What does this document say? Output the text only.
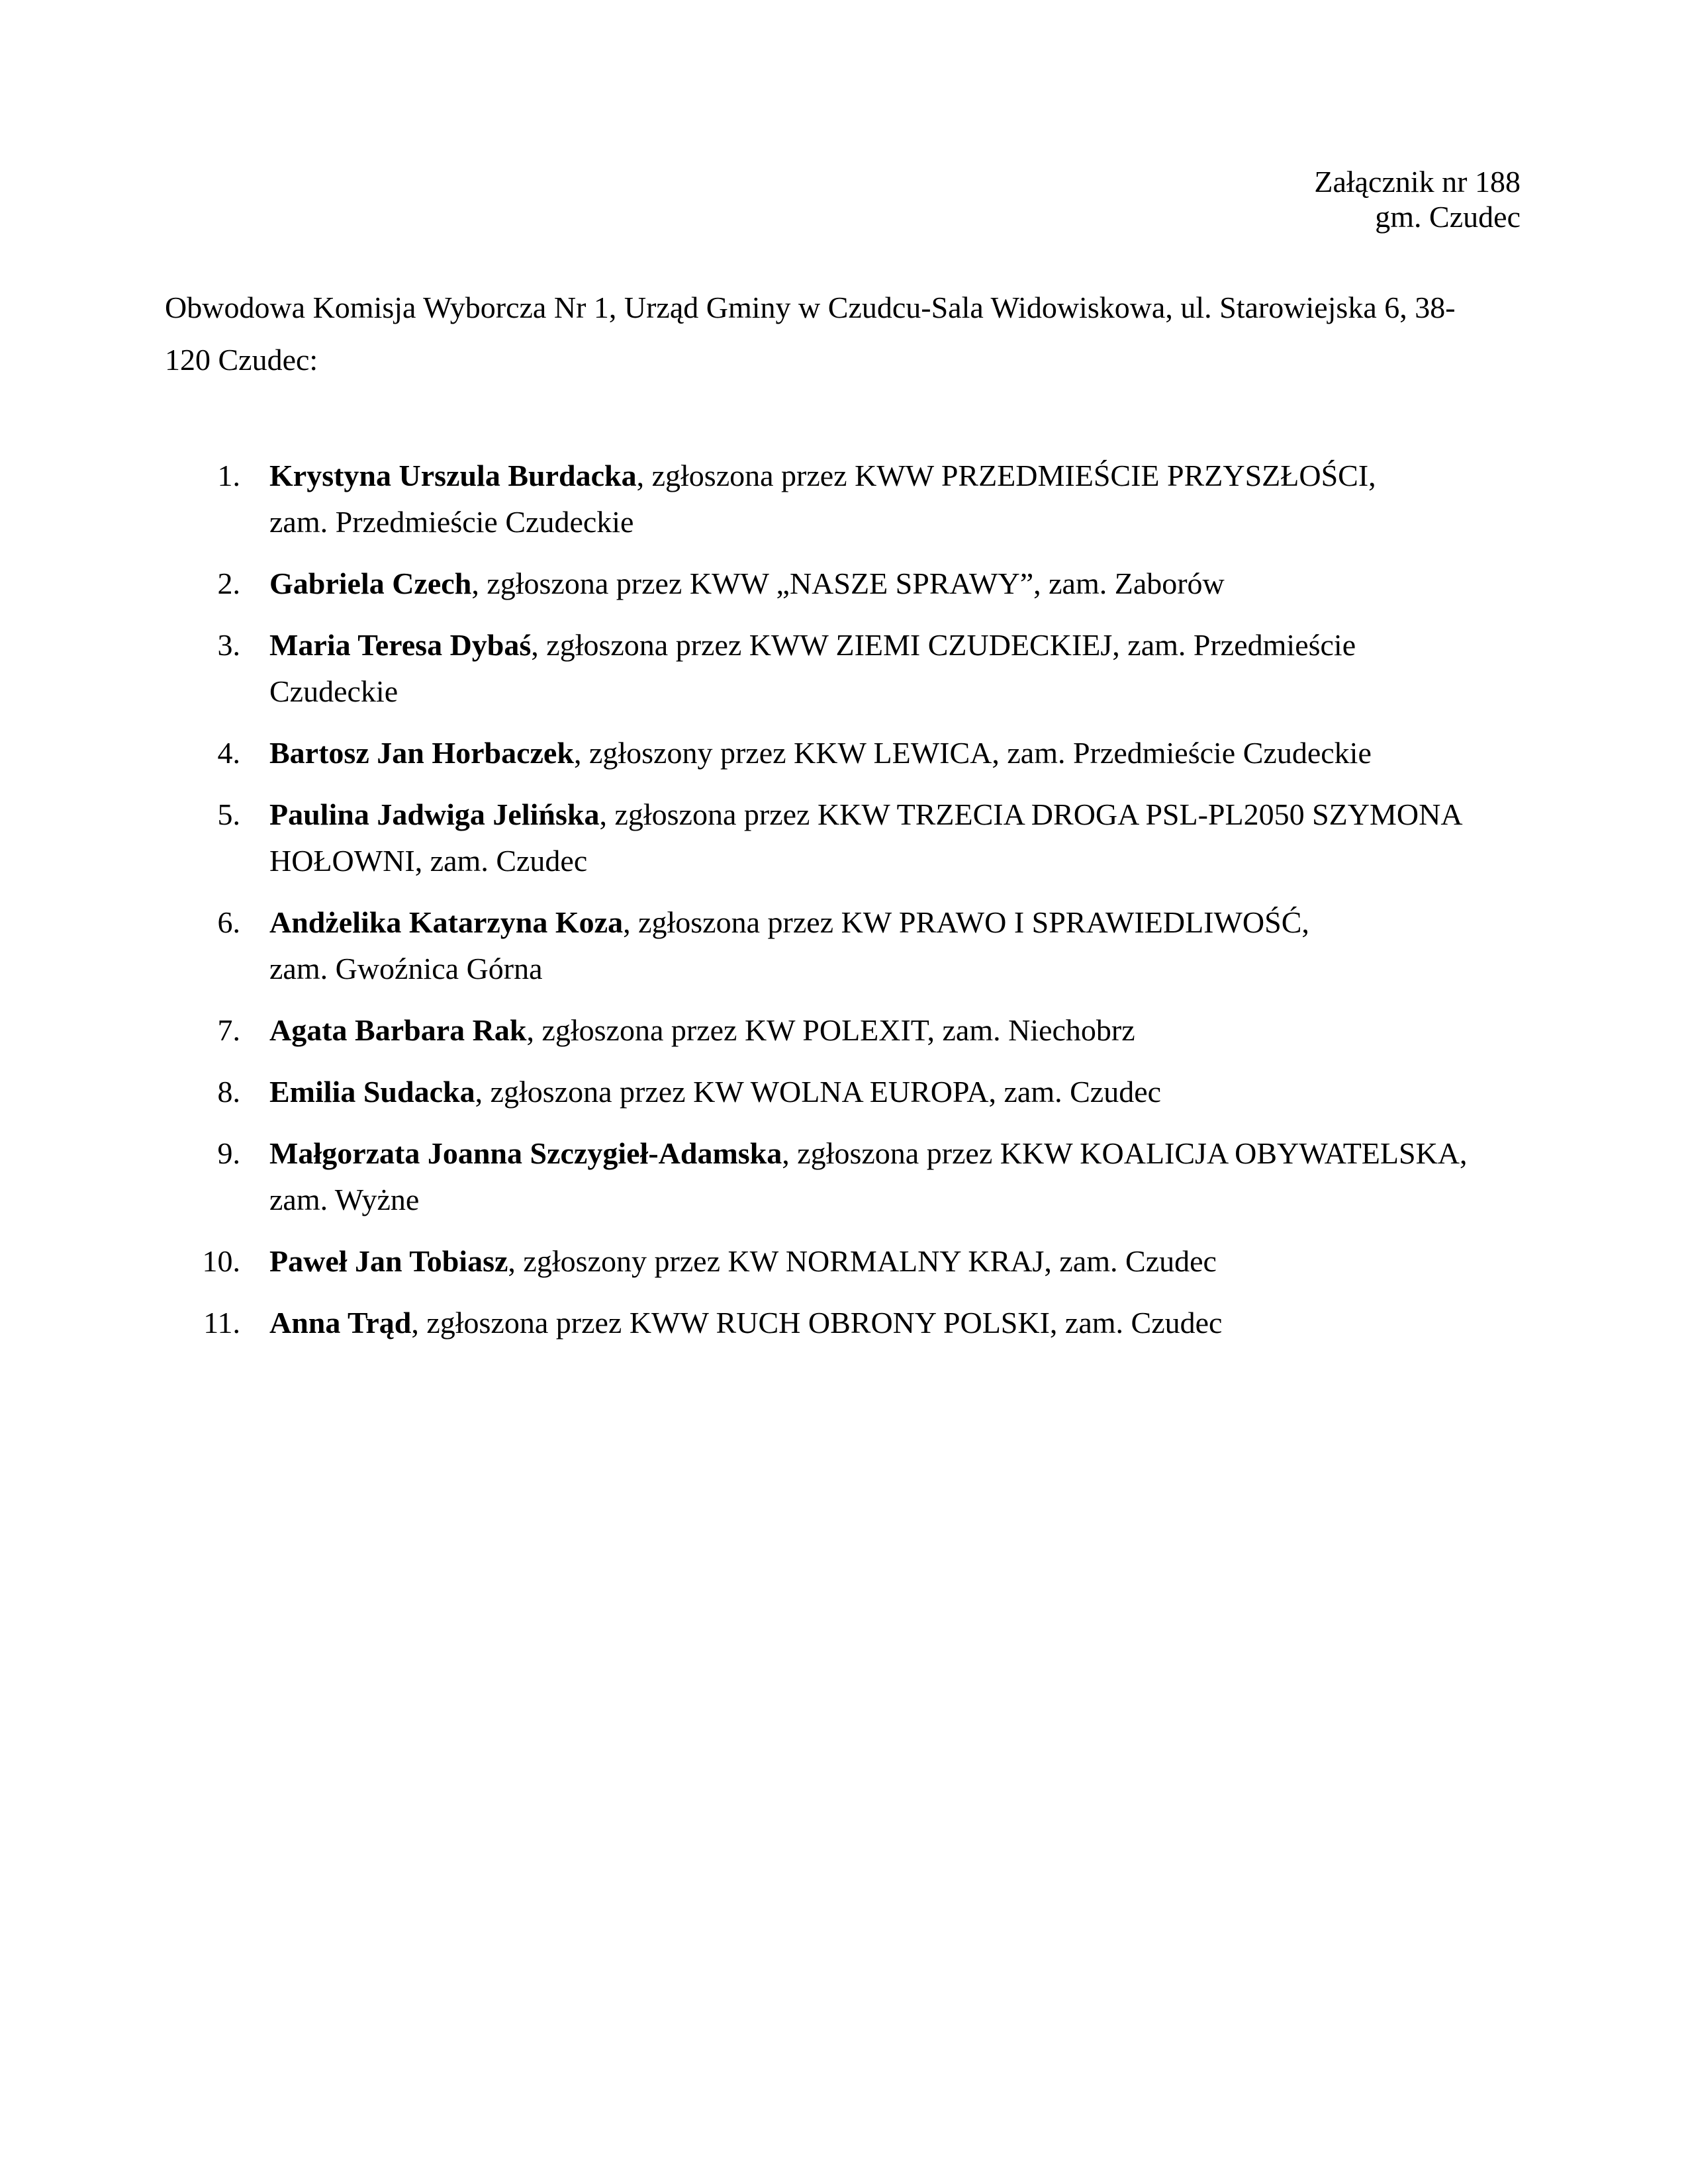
Załącznik nr 188
gm. Czudec
Obwodowa Komisja Wyborcza Nr 1, Urząd Gminy w Czudcu-Sala Widowiskowa, ul. Starowiejska 6, 38-
120 Czudec:
1. Krystyna Urszula Burdacka, zgłoszona przez KWW PRZEDMIEŚCIE PRZYSZŁOŚCI,
zam. Przedmieście Czudeckie
2. Gabriela Czech, zgłoszona przez KWW „NASZE SPRAWY”, zam. Zaborów
3. Maria Teresa Dybaś, zgłoszona przez KWW ZIEMI CZUDECKIEJ, zam. Przedmieście
Czudeckie
4. Bartosz Jan Horbaczek, zgłoszony przez KKW LEWICA, zam. Przedmieście Czudeckie
5. Paulina Jadwiga Jelińska, zgłoszona przez KKW TRZECIA DROGA PSL-PL2050 SZYMONA
HOŁOWNI, zam. Czudec
6. Andżelika Katarzyna Koza, zgłoszona przez KW PRAWO I SPRAWIEDLIWOŚĆ,
zam. Gwoźnica Górna
7. Agata Barbara Rak, zgłoszona przez KW POLEXIT, zam. Niechobrz
8. Emilia Sudacka, zgłoszona przez KW WOLNA EUROPA, zam. Czudec
9. Małgorzata Joanna Szczygieł-Adamska, zgłoszona przez KKW KOALICJA OBYWATELSKA,
zam. Wyżne
10. Paweł Jan Tobiasz, zgłoszony przez KW NORMALNY KRAJ, zam. Czudec
11. Anna Trąd, zgłoszona przez KWW RUCH OBRONY POLSKI, zam. Czudec
